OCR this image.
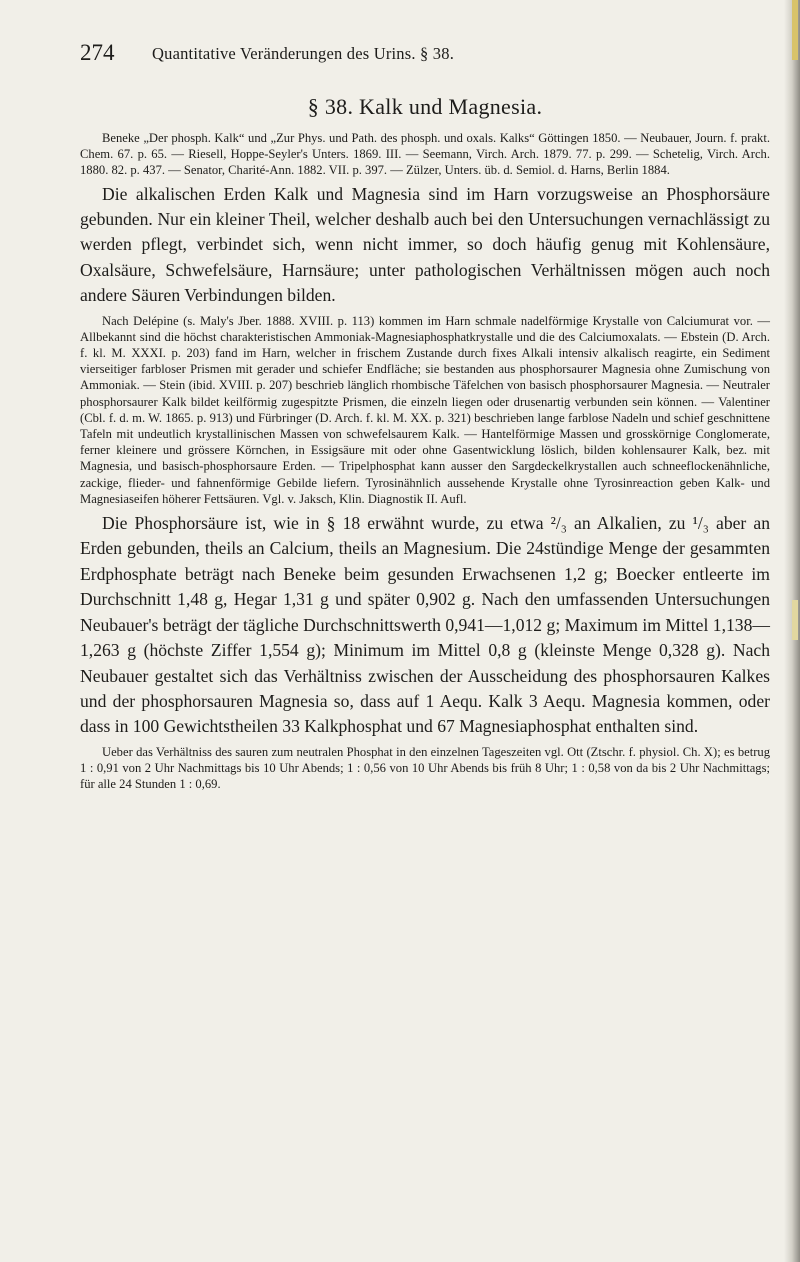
274 Quantitative Veränderungen des Urins. § 38.
§ 38. Kalk und Magnesia.

Beneke „Der phosph. Kalk“ und „Zur Phys. und Path. des phosph. und oxals. Kalks“ Göttingen 1850. — Neubauer, Journ. f. prakt. Chem. 67. p. 65. — Riesell, Hoppe-Seyler's Unters. 1869. III. — Seemann, Virch. Arch. 1879. 77. p. 299. — Schetelig, Virch. Arch. 1880. 82. p. 437. — Senator, Charité-Ann. 1882. VII. p. 397. — Zülzer, Unters. üb. d. Semiol. d. Harns, Berlin 1884.

Die alkalischen Erden Kalk und Magnesia sind im Harn vorzugsweise an Phosphorsäure gebunden. Nur ein kleiner Theil, welcher deshalb auch bei den Untersuchungen vernachlässigt zu werden pflegt, verbindet sich, wenn nicht immer, so doch häufig genug mit Kohlensäure, Oxalsäure, Schwefelsäure, Harnsäure; unter pathologischen Verhältnissen mögen auch noch andere Säuren Verbindungen bilden.

Nach Delépine (s. Maly's Jber. 1888. XVIII. p. 113) kommen im Harn schmale nadelförmige Krystalle von Calciumurat vor. — Allbekannt sind die höchst charakteristischen Ammoniak-Magnesiaphosphatkrystalle und die des Calciumoxalats. — Ebstein (D. Arch. f. kl. M. XXXI. p. 203) fand im Harn, welcher in frischem Zustande durch fixes Alkali intensiv alkalisch reagirte, ein Sediment vierseitiger farbloser Prismen mit gerader und schiefer Endfläche; sie bestanden aus phosphorsaurer Magnesia ohne Zumischung von Ammoniak. — Stein (ibid. XVIII. p. 207) beschrieb länglich rhombische Täfelchen von basisch phosphorsaurer Magnesia. — Neutraler phosphorsaurer Kalk bildet keilförmig zugespitzte Prismen, die einzeln liegen oder drusenartig verbunden sein können. — Valentiner (Cbl. f. d. m. W. 1865. p. 913) und Fürbringer (D. Arch. f. kl. M. XX. p. 321) beschrieben lange farblose Nadeln und schief geschnittene Tafeln mit undeutlich krystallinischen Massen von schwefelsaurem Kalk. — Hantelförmige Massen und grosskörnige Conglomerate, ferner kleinere und grössere Körnchen, in Essigsäure mit oder ohne Gasentwicklung löslich, bilden kohlensaurer Kalk, bez. mit Magnesia, und basisch-phosphorsaure Erden. — Tripelphosphat kann ausser den Sargdeckelkrystallen auch schneeflockenähnliche, zackige, flieder- und fahnenförmige Gebilde liefern. Tyrosinähnlich aussehende Krystalle ohne Tyrosinreaction geben Kalk- und Magnesiaseifen höherer Fettsäuren. Vgl. v. Jaksch, Klin. Diagnostik II. Aufl.

Die Phosphorsäure ist, wie in § 18 erwähnt wurde, zu etwa ²/₃ an Alkalien, zu ¹/₃ aber an Erden gebunden, theils an Calcium, theils an Magnesium. Die 24stündige Menge der gesammten Erdphosphate beträgt nach Beneke beim gesunden Erwachsenen 1,2 g; Boecker entleerte im Durchschnitt 1,48 g, Hegar 1,31 g und später 0,902 g. Nach den umfassenden Untersuchungen Neubauer's beträgt der tägliche Durchschnittswerth 0,941—1,012 g; Maximum im Mittel 1,138—1,263 g (höchste Ziffer 1,554 g); Minimum im Mittel 0,8 g (kleinste Menge 0,328 g). Nach Neubauer gestaltet sich das Verhältniss zwischen der Ausscheidung des phosphorsauren Kalkes und der phosphorsauren Magnesia so, dass auf 1 Aequ. Kalk 3 Aequ. Magnesia kommen, oder dass in 100 Gewichtstheilen 33 Kalkphosphat und 67 Magnesiaphosphat enthalten sind.

Ueber das Verhältniss des sauren zum neutralen Phosphat in den einzelnen Tageszeiten vgl. Ott (Ztschr. f. physiol. Ch. X); es betrug 1 : 0,91 von 2 Uhr Nachmittags bis 10 Uhr Abends; 1 : 0,56 von 10 Uhr Abends bis früh 8 Uhr; 1 : 0,58 von da bis 2 Uhr Nachmittags; für alle 24 Stunden 1 : 0,69.
